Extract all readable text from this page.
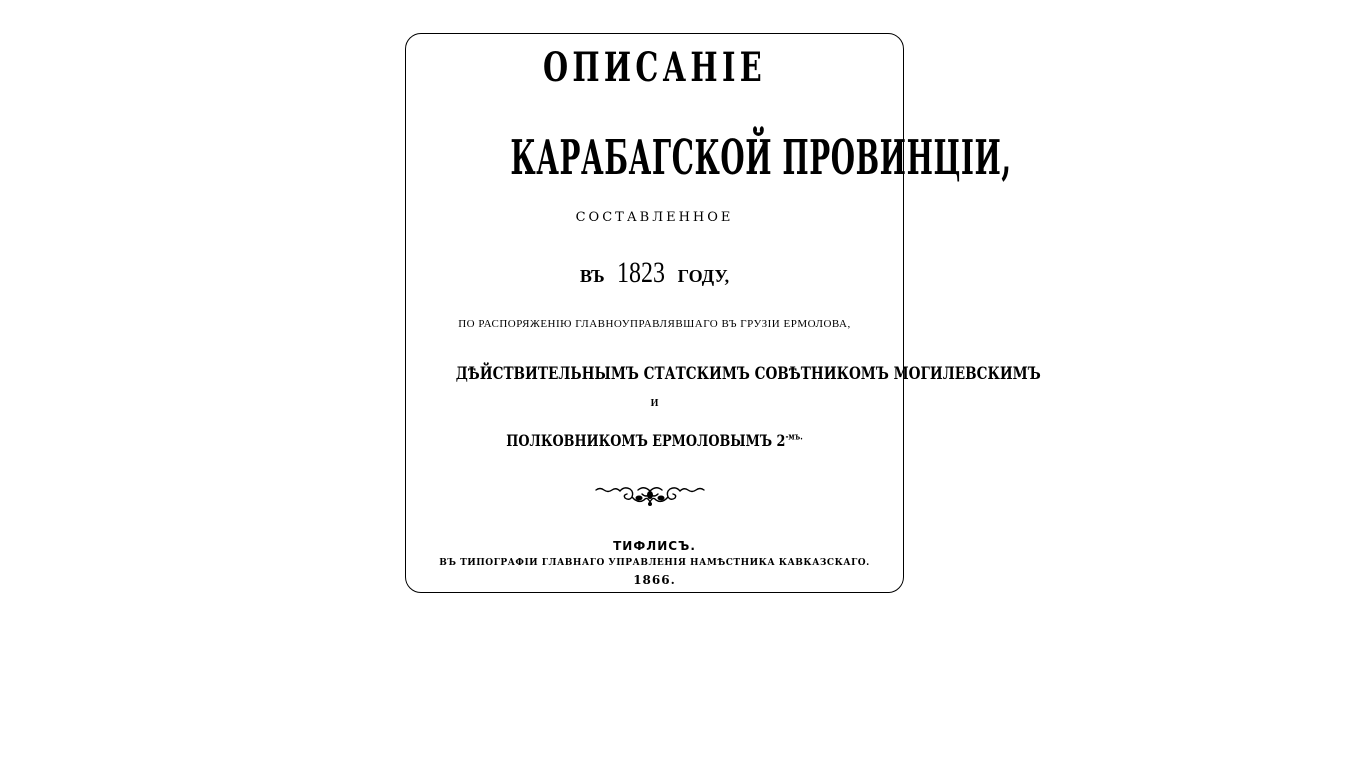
ОПИСАНIЕ
КАРАБАГСКОЙ ПРОВИНЦIИ,
СОСТАВЛЕННОЕ
ВЪ 1823 ГОДУ,
ПО РАСПОРЯЖЕНIЮ ГЛАВНОУПРАВЛЯВШАГО ВЪ ГРУЗIИ ЕРМОЛОВА,
ДѢЙСТВИТЕЛЬНЫМЪ СТАТСКИМЪ СОВѢТНИКОМЪ МОГИЛЕВСКИМЪ
И
ПОЛКОВНИКОМЪ ЕРМОЛОВЫМЪ $2^{-мъ.}$
ТИФЛИСЪ.
ВЪ ТИПОГРАФIИ ГЛАВНАГО УПРАВЛЕНIЯ НАМѢСТНИКА КАВКАЗСКАГО.
1866.
